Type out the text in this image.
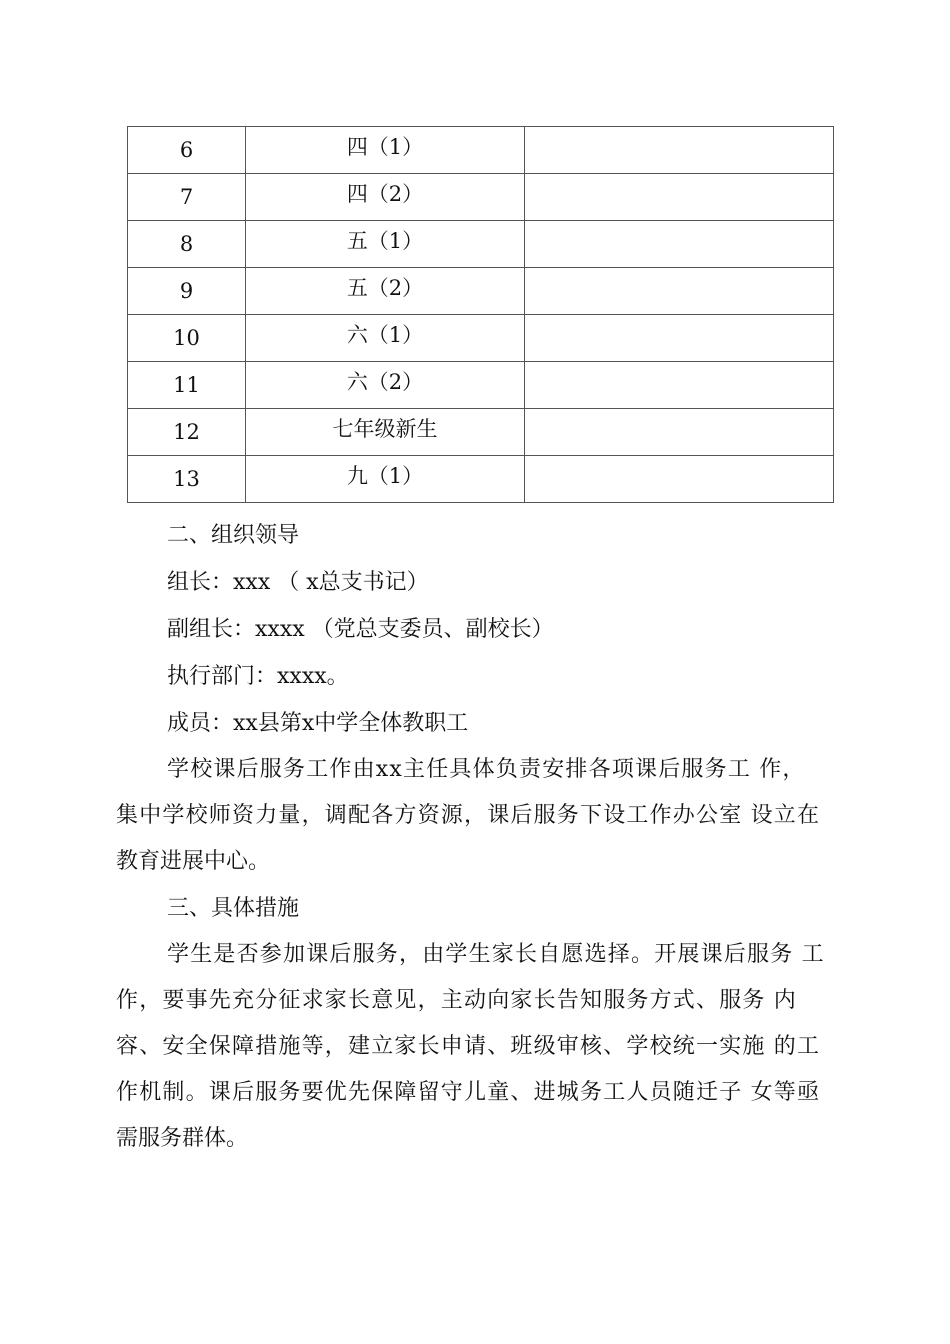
6	四（1）	
7	四（2）	
8	五（1）	
9	五（2）	
10	六（1）	
11	六（2）	
12	七年级新生	
13	九（1）	
二、组织领导
组长：xxx （ x总支书记）
副组长：xxxx （党总支委员、副校长）
执行部门：xxxx。
成员：xx县第x中学全体教职工
学校课后服务工作由xx主任具体负责安排各项课后服务工 作，
集中学校师资力量，调配各方资源，课后服务下设工作办公室 设立在
教育进展中心。
三、具体措施
学生是否参加课后服务，由学生家长自愿选择。开展课后服务 工
作，要事先充分征求家长意见，主动向家长告知服务方式、服务 内
容、安全保障措施等，建立家长申请、班级审核、学校统一实施 的工
作机制。课后服务要优先保障留守儿童、进城务工人员随迁子 女等亟
需服务群体。
